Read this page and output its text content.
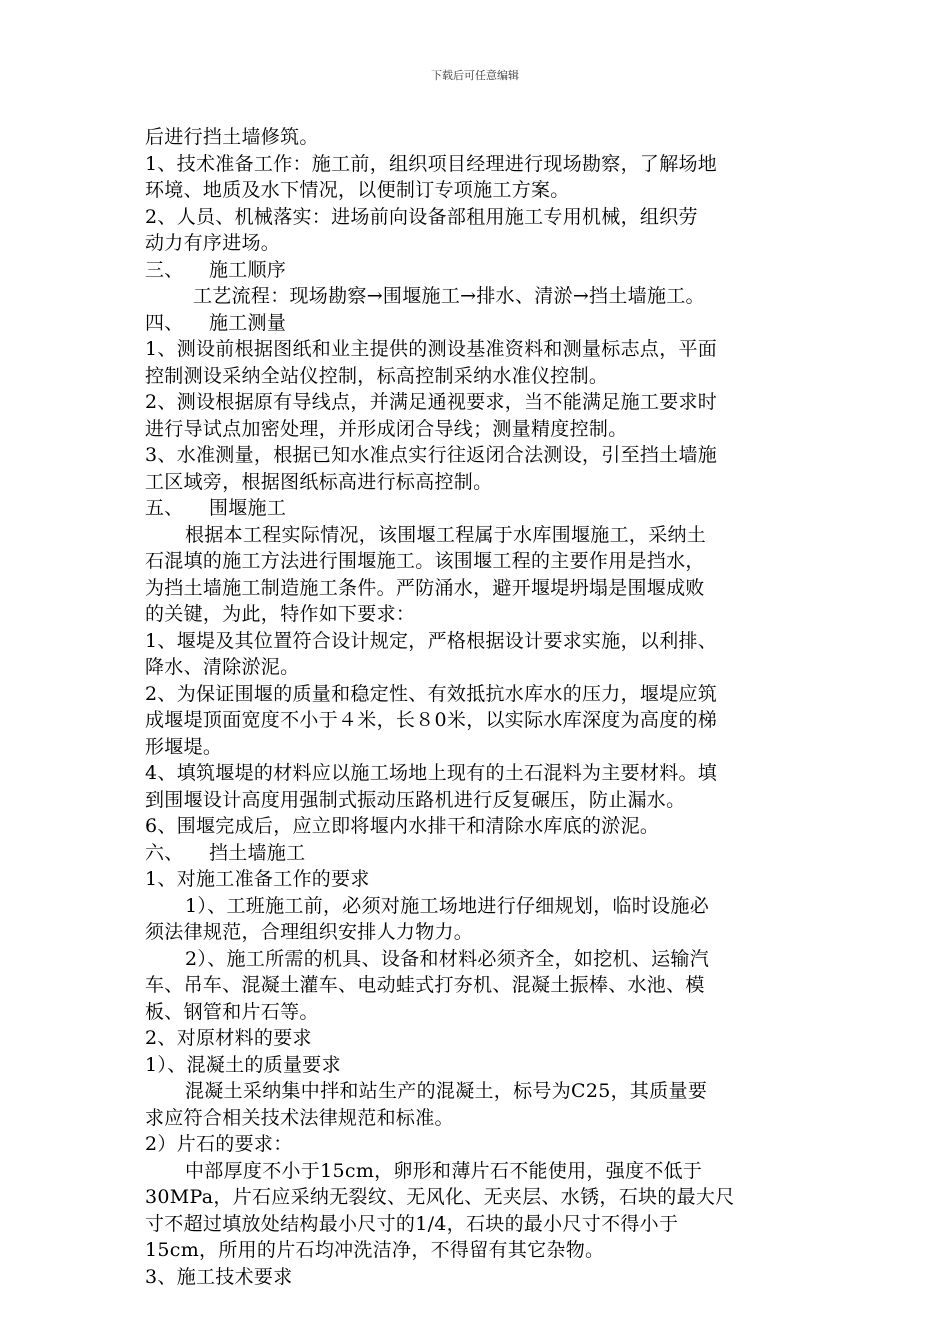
下载后可任意编辑
后进行挡土墙修筑。
1、技术准备工作：施工前，组织项目经理进行现场勘察，了解场地
环境、地质及水下情况，以便制订专项施工方案。
2、人员、机械落实：进场前向设备部租用施工专用机械，组织劳
动力有序进场。
三、    施工顺序
工艺流程：现场勘察→围堰施工→排水、清淤→挡土墙施工。
四、    施工测量
1、测设前根据图纸和业主提供的测设基准资料和测量标志点，平面
控制测设采纳全站仪控制，标高控制采纳水准仪控制。
2、测设根据原有导线点，并满足通视要求，当不能满足施工要求时
进行导试点加密处理，并形成闭合导线；测量精度控制。
3、水准测量，根据已知水准点实行往返闭合法测设，引至挡土墙施
工区域旁，根据图纸标高进行标高控制。
五、    围堰施工
根据本工程实际情况，该围堰工程属于水库围堰施工，采纳土
石混填的施工方法进行围堰施工。该围堰工程的主要作用是挡水，
为挡土墙施工制造施工条件。严防涌水，避开堰堤坍塌是围堰成败
的关键，为此，特作如下要求：
1、堰堤及其位置符合设计规定，严格根据设计要求实施，以利排、
降水、清除淤泥。
2、为保证围堰的质量和稳定性、有效抵抗水库水的压力，堰堤应筑
成堰堤顶面宽度不小于４米，长８0米，以实际水库深度为高度的梯
形堰堤。
4、填筑堰堤的材料应以施工场地上现有的土石混料为主要材料。填
到围堰设计高度用强制式振动压路机进行反复碾压，防止漏水。
6、围堰完成后，应立即将堰内水排干和清除水库底的淤泥。
六、    挡土墙施工
1、对施工准备工作的要求
1）、工班施工前，必须对施工场地进行仔细规划，临时设施必
须法律规范，合理组织安排人力物力。
2）、施工所需的机具、设备和材料必须齐全，如挖机、运输汽
车、吊车、混凝土灌车、电动蛙式打夯机、混凝土振棒、水池、模
板、钢管和片石等。
2、对原材料的要求
1）、混凝土的质量要求
混凝土采纳集中拌和站生产的混凝土，标号为C25，其质量要
求应符合相关技术法律规范和标准。
2）片石的要求：
中部厚度不小于15cm，卵形和薄片石不能使用，强度不低于
30MPa，片石应采纳无裂纹、无风化、无夹层、水锈，石块的最大尺
寸不超过填放处结构最小尺寸的1/4，石块的最小尺寸不得小于
15cm，所用的片石均冲洗洁净，不得留有其它杂物。
3、施工技术要求
